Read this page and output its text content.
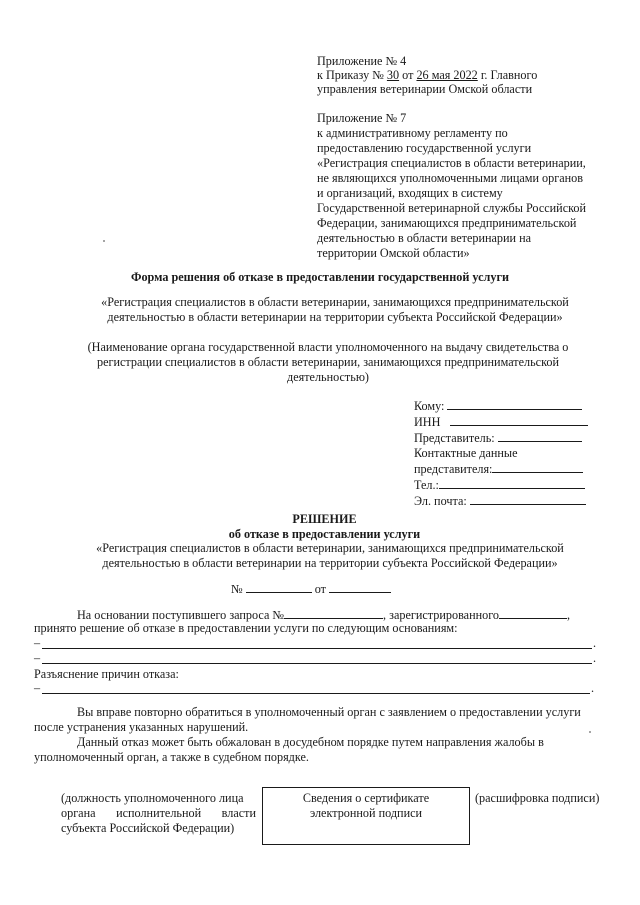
Приложение № 4
к Приказу № 30 от 26 мая 2022 г. Главного
управления ветеринарии Омской области
Приложение № 7
к административному регламенту по
предоставлению государственной услуги
«Регистрация специалистов в области ветеринарии,
не являющихся уполномоченными лицами органов
и организаций, входящих в систему
Государственной ветеринарной службы Российской
Федерации, занимающихся предпринимательской
деятельностью в области ветеринарии на
территории Омской области»
Форма решения об отказе в предоставлении государственной услуги
«Регистрация специалистов в области ветеринарии, занимающихся предпринимательской
деятельностью в области ветеринарии на территории субъекта Российской Федерации»
(Наименование органа государственной власти уполномоченного на выдачу свидетельства о
регистрации специалистов в области ветеринарии, занимающихся предпринимательской
деятельностью)
Кому:
ИНН
Представитель:
Контактные данные
представителя:
Тел.:
Эл. почта:
РЕШЕНИЕ
об отказе в предоставлении услуги
«Регистрация специалистов в области ветеринарии, занимающихся предпринимательской
деятельностью в области ветеринарии на территории субъекта Российской Федерации»
№	от
На основании поступившего запроса №	, зарегистрированного	,
принято решение об отказе в предоставлении услуги по следующим основаниям:
–	.
–	.
Разъяснение причин отказа:
–	.
Вы вправе повторно обратиться в уполномоченный орган с заявлением о предоставлении услуги
после устранения указанных нарушений.
Данный отказ может быть обжалован в досудебном порядке путем направления жалобы в
уполномоченный орган, а также в судебном порядке.
(должность уполномоченного лица
органа исполнительной власти
субъекта Российской Федерации)
Сведения о сертификате
электронной подписи
(расшифровка подписи)
